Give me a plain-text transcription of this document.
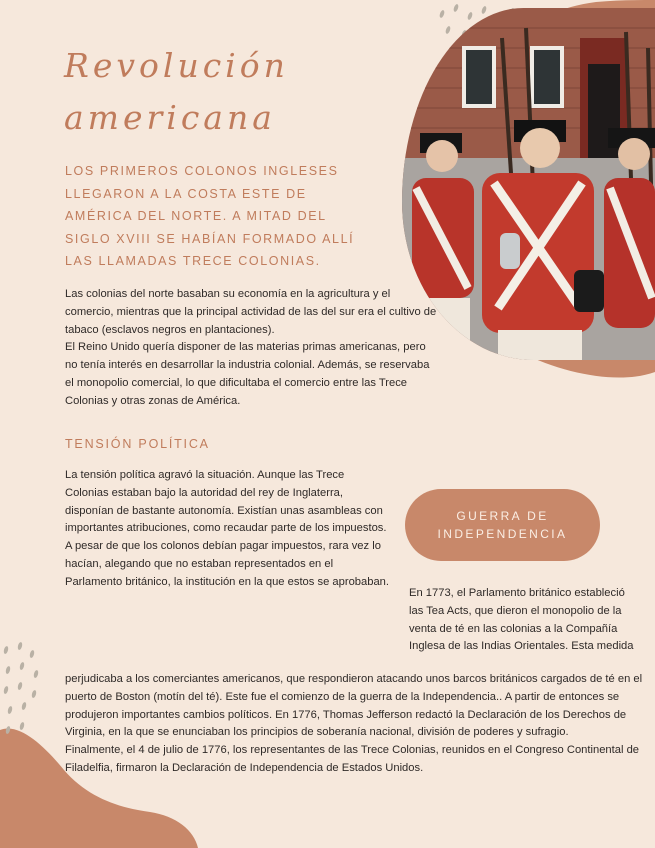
Revolución
americana

LOS PRIMEROS COLONOS INGLESES LLEGARON A LA COSTA ESTE DE AMÉRICA DEL NORTE. A MITAD DEL SIGLO XVIII SE HABÍAN FORMADO ALLÍ LAS LLAMADAS TRECE COLONIAS.

Las colonias del norte basaban su economía en la agricultura y el comercio, mientras que la principal actividad de las del sur era el cultivo de tabaco (esclavos negros en plantaciones).

El Reino Unido quería disponer de las materias primas americanas, pero no tenía interés en desarrollar la industria colonial. Además, se reservaba el monopolio comercial, lo que dificultaba el comercio entre las Trece Colonias y otras zonas de América.

TENSIÓN POLÍTICA

La tensión política agravó la situación. Aunque las Trece Colonias estaban bajo la autoridad del rey de Inglaterra, disponían de bastante autonomía. Existían unas asambleas con importantes atribuciones, como recaudar parte de los impuestos. A pesar de que los colonos debían pagar impuestos, rara vez lo hacían, alegando que no estaban representados en el Parlamento británico, la institución en la que estos se aprobaban.

GUERRA DE
INDEPENDENCIA

En 1773, el Parlamento británico estableció las Tea Acts, que dieron el monopolio de la venta de té en las colonias a la Compañía Inglesa de las Indias Orientales. Esta medida

perjudicaba a los comerciantes americanos, que respondieron atacando unos barcos británicos cargados de té en el puerto de Boston (motín del té). Este fue el comienzo de la guerra de la Independencia.. A partir de entonces se produjeron importantes cambios políticos. En 1776, Thomas Jefferson redactó la Declaración de los Derechos de Virginia, en la que se enunciaban los principios de soberanía nacional, división de poderes y sufragio.

Finalmente, el 4 de julio de 1776, los representantes de las Trece Colonias, reunidos en el Congreso Continental de Filadelfia, firmaron la Declaración de Independencia de Estados Unidos.
